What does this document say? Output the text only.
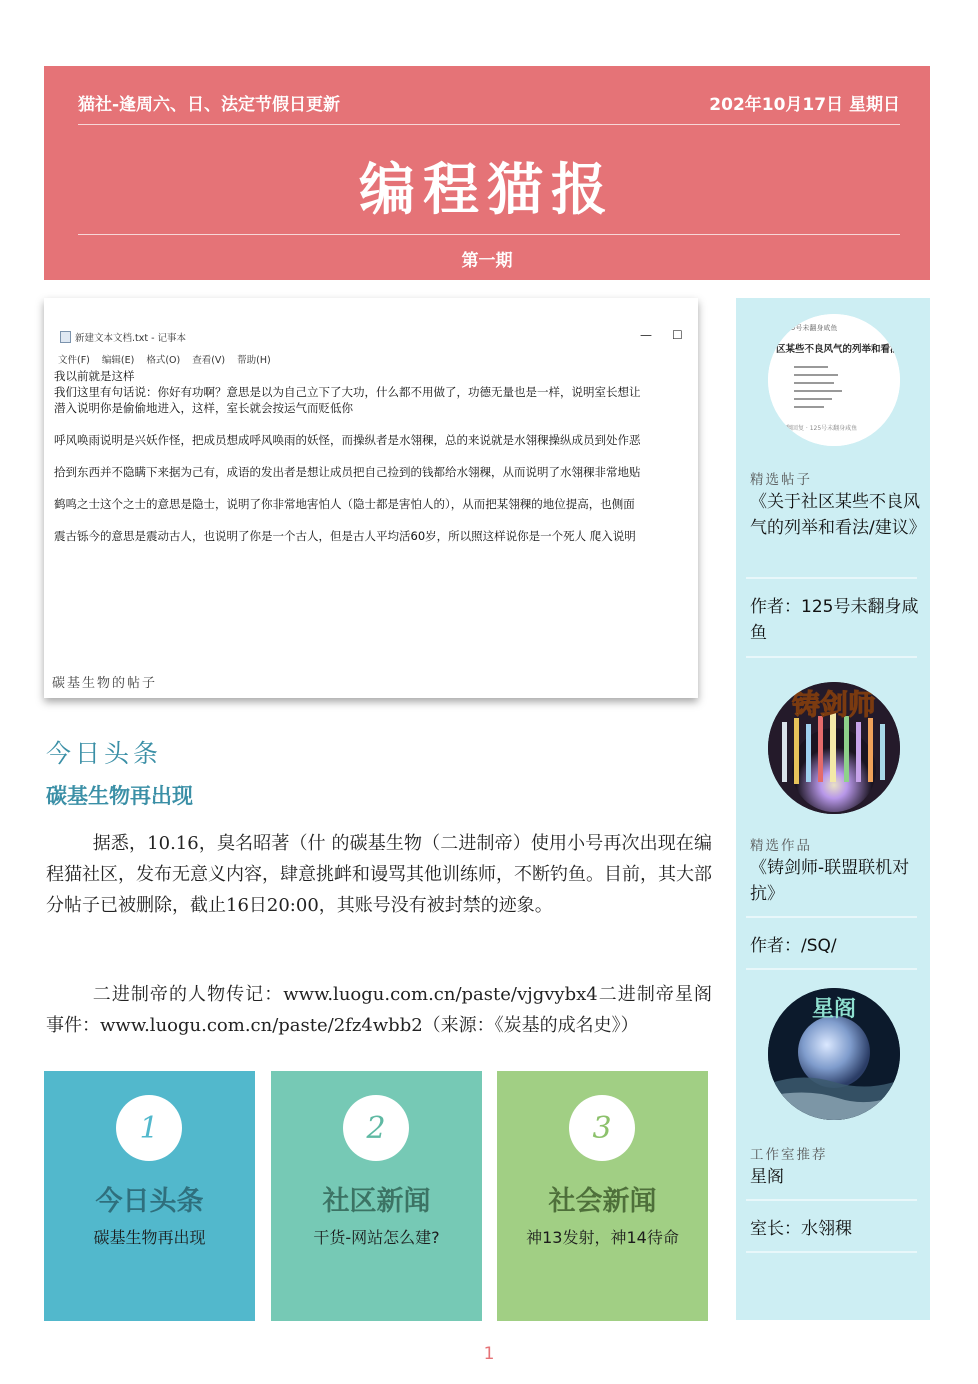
猫社-逢周六、日、法定节假日更新	202年10月17日 星期日
编程猫报
第一期
新建文本文档.txt - 记事本	— ☐
文件(F) 编辑(E) 格式(O) 查看(V) 帮助(H)
我以前就是这样
我们这里有句话说：你好有功啊？意思是以为自己立下了大功，什么都不用做了，功德无量也是一样，说明室长想让
潜入说明你是偷偷地进入，这样，室长就会按运气而贬低你
呼风唤雨说明是兴妖作怪，把成员想成呼风唤雨的妖怪，而操纵者是水翎稞，总的来说就是水翎稞操纵成员到处作恶
拾到东西并不隐瞒下来据为己有，成语的发出者是想让成员把自己捡到的钱都给水翎稞，从而说明了水翎稞非常地贴
鹤鸣之士这个之士的意思是隐士，说明了你非常地害怕人（隐士都是害怕人的），从而把某翎稞的地位提高，也侧面
震古铄今的意思是震动古人，也说明了你是一个古人，但是古人平均活60岁，所以照这样说你是一个死人 爬入说明
碳基生物的帖子
今日头条
碳基生物再出现

据悉，10.16，臭名昭著（什 的碳基生物（二进制帝）使用小号再次出现在编程猫社区，发布无意义内容，肆意挑衅和谩骂其他训练师，不断钓鱼。目前，其大部分帖子已被删除，截止16日20:00，其账号没有被封禁的迹象。

二进制帝的人物传记：www.luogu.com.cn/paste/vjgvybx4二进制帝星阁事件：www.luogu.com.cn/paste/2fz4wbb2（来源：《炭基的成名史》）

1
今日头条
碳基生物再出现
2
社区新闻
干货-网站怎么建?
3
社会新闻
神13发射，神14待命
125号未翻身咸鱼
区某些不良风气的列举和看法
翻回复 · 125号未翻身咸鱼
精选帖子
《关于社区某些不良风气的列举和看法/建议》
作者：125号未翻身咸鱼
铸剑师
精选作品
《铸剑师-联盟联机对抗》
作者：/SQ/
星阁
工作室推荐
星阁
室长：水翎稞
1
